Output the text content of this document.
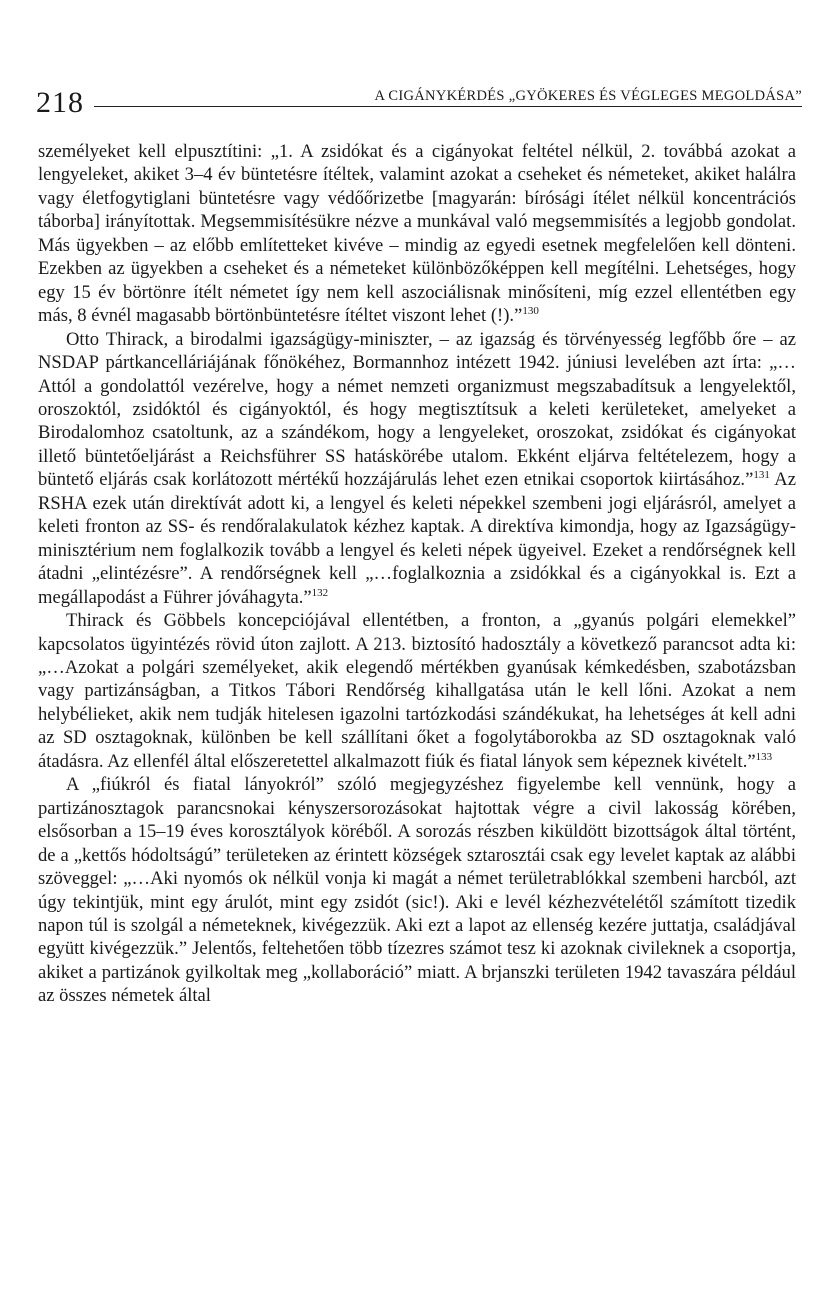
218	A CIGÁNYKÉRDÉS „GYÖKERES ÉS VÉGLEGES MEGOLDÁSA”

személyeket kell elpusztítini: „1. A zsidókat és a cigányokat feltétel nélkül, 2. továbbá azokat a lengyeleket, akiket 3–4 év büntetésre ítéltek, valamint azokat a cseheket és németeket, akiket halálra vagy életfogytiglani büntetésre vagy védőőrizetbe [magyarán: bírósági ítélet nélkül koncentrációs táborba] irányítottak. Megsemmisítésükre nézve a munkával való megsemmisítés a legjobb gondolat. Más ügyekben – az előbb említetteket kivéve – mindig az egyedi esetnek megfelelően kell dönteni. Ezekben az ügyekben a cseheket és a németeket különbözőképpen kell megítélni. Lehetséges, hogy egy 15 év börtönre ítélt németet így nem kell aszociálisnak minősíteni, míg ezzel ellentétben egy más, 8 évnél magasabb börtönbüntetésre ítéltet viszont lehet (!).”$^{130}$

Otto Thirack, a birodalmi igazságügy-miniszter, – az igazság és törvényesség legfőbb őre – az NSDAP pártkancelláriájának főnökéhez, Bormannhoz intézett 1942. júniusi levelében azt írta: „…Attól a gondolattól vezérelve, hogy a német nemzeti organizmust megszabadítsuk a lengyelektől, oroszoktól, zsidóktól és cigányoktól, és hogy megtisztítsuk a keleti kerületeket, amelyeket a Birodalomhoz csatoltunk, az a szándékom, hogy a lengyeleket, oroszokat, zsidókat és cigányokat illető büntetőeljárást a Reichsführer SS hatáskörébe utalom. Ekként eljárva feltételezem, hogy a büntető eljárás csak korlátozott mértékű hozzájárulás lehet ezen etnikai csoportok kiirtásához.”$^{131}$ Az RSHA ezek után direktívát adott ki, a lengyel és keleti népekkel szembeni jogi eljárásról, amelyet a keleti fronton az SS- és rendőralakulatok kézhez kaptak. A direktíva kimondja, hogy az Igazságügy-minisztérium nem foglalkozik tovább a lengyel és keleti népek ügyeivel. Ezeket a rendőrségnek kell átadni „elintézésre”. A rendőrségnek kell „…foglalkoznia a zsidókkal és a cigányokkal is. Ezt a megállapodást a Führer jóváhagyta.”$^{132}$

Thirack és Göbbels koncepciójával ellentétben, a fronton, a „gyanús polgári elemekkel” kapcsolatos ügyintézés rövid úton zajlott. A 213. biztosító hadosztály a következő parancsot adta ki: „…Azokat a polgári személyeket, akik elegendő mértékben gyanúsak kémkedésben, szabotázsban vagy partizánságban, a Titkos Tábori Rendőrség kihallgatása után le kell lőni. Azokat a nem helybélieket, akik nem tudják hitelesen igazolni tartózkodási szándékukat, ha lehetséges át kell adni az SD osztagoknak, különben be kell szállítani őket a fogolytáborokba az SD osztagoknak való átadásra. Az ellenfél által előszeretettel alkalmazott fiúk és fiatal lányok sem képeznek kivételt.”$^{133}$

A „fiúkról és fiatal lányokról” szóló megjegyzéshez figyelembe kell vennünk, hogy a partizánosztagok parancsnokai kényszersorozásokat hajtottak végre a civil lakosság körében, elsősorban a 15–19 éves korosztályok köréből. A sorozás részben kiküldött bizottságok által történt, de a „kettős hódoltságú” területeken az érintett községek sztarosztái csak egy levelet kaptak az alábbi szöveggel: „…Aki nyomós ok nélkül vonja ki magát a német területrablókkal szembeni harcból, azt úgy tekintjük, mint egy árulót, mint egy zsidót (sic!). Aki e levél kézhezvételétől számított tizedik napon túl is szolgál a németeknek, kivégezzük. Aki ezt a lapot az ellenség kezére juttatja, családjával együtt kivégezzük.” Jelentős, feltehetően több tízezres számot tesz ki azoknak civileknek a csoportja, akiket a partizánok gyilkoltak meg „kollaboráció” miatt. A brjanszki területen 1942 tavaszára például az összes németek által
